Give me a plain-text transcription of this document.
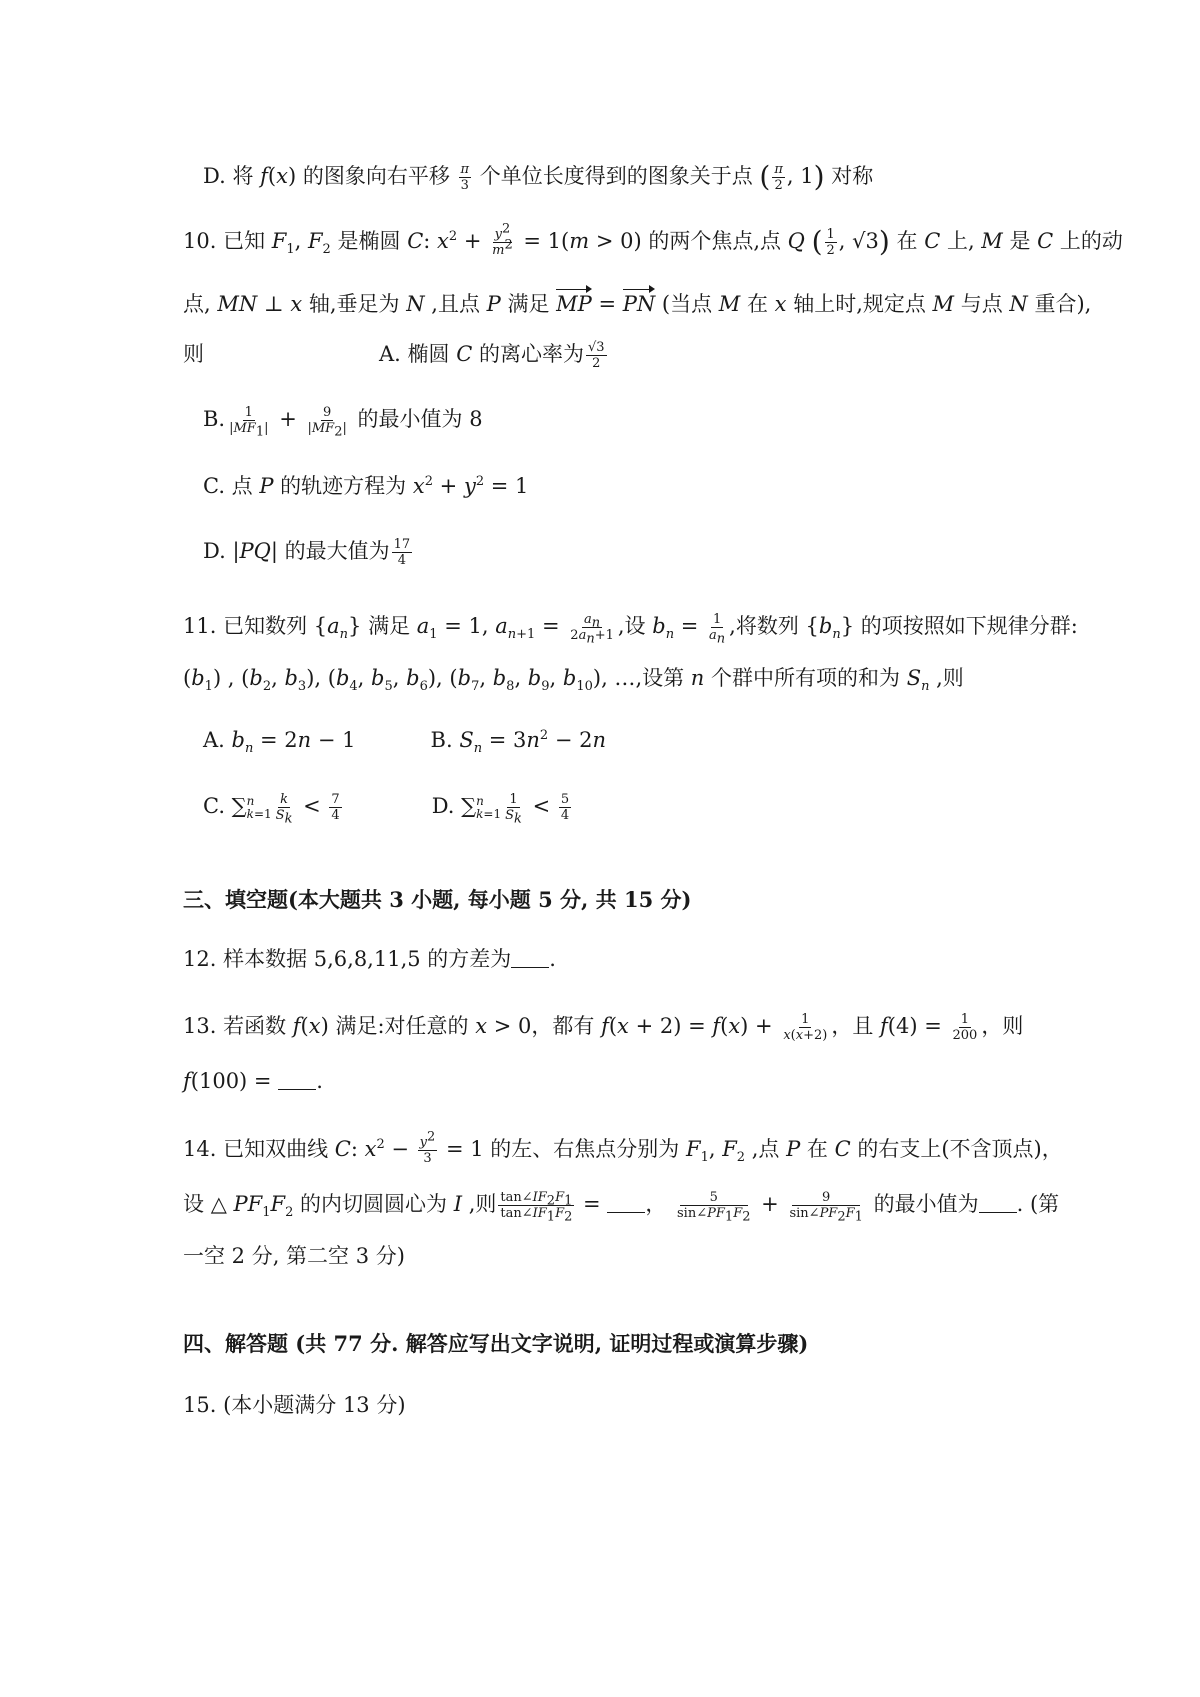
D. 将 f(x) 的图象向右平移 $\frac{\pi}{3}$ 个单位长度得到的图象关于点 ( $\frac{\pi}{2}$ , 1) 对称
10. 已知 $F_1$, $F_2$ 是椭圆 C: $x^2 + \frac{y^2}{m^2} = 1(m > 0)$ 的两个焦点,点 Q ( $\frac{1}{2}$ , √3) 在 C 上, M 是 C 上的动
点, MN ⊥ x 轴,垂足为 N ,且点 P 满足 MP = PN (当点 M 在 x 轴上时,规定点 M 与点 N 重合),
则	A. 椭圆 C 的离心率为 $\frac{√3}{2}$
B. $\frac{1}{|MF_1|} + \frac{9}{|MF_2|}$ 的最小值为 8
C. 点 P 的轨迹方程为 $x^2 + y^2 = 1$
D. |PQ| 的最大值为 $\frac{17}{4}$
11. 已知数列 $\{a_n\}$ 满足 $a_1 = 1$, $a_{n+1} = \frac{a_n}{2a_n+1}$ ,设 $b_n = \frac{1}{a_n}$ ,将数列 $\{b_n\}$ 的项按照如下规律分群:
$(b_1)$ , ($b_2$, $b_3$), ($b_4$, $b_5$, $b_6$), ($b_7$, $b_8$, $b_9$, $b_{10}$), …,设第 n 个群中所有项的和为 $S_n$ ,则
A. $b_n = 2n - 1$	B. $S_n = 3n^2 - 2n$
C. ∑ n
$k=1 \frac{k}{S_k} < \frac{7}{4}$	D. ∑ n
$k=1 \frac{1}{S_k} < \frac{5}{4}$
三、填空题(本大题共 3 小题, 每小题 5 分, 共 15 分)
12. 样本数据 5,6,8,11,5 的方差为 .
13. 若函数 f(x) 满足:对任意的 x > 0，都有 $f(x + 2) = f(x) + \frac{1}{x(x+2)}$ ，且 $f(4) = \frac{1}{200}$ ，则
f(100) = .
14. 已知双曲线 C: $x^2 - \frac{y^2}{3} = 1$ 的左、右焦点分别为 $F_1$, $F_2$ ,点 P 在 C 的右支上(不含顶点)，
设 △ $PF_1F_2$ 的内切圆圆心为 I ,则 $\frac{\tan\angle IF_2F_1}{\tan\angle IF_1F_2}$ = ， $\frac{5}{\sin\angle PF_1F_2} + \frac{9}{\sin\angle PF_2F_1}$ 的最小值为 . (第
一空 2 分, 第二空 3 分)
四、解答题 (共 77 分. 解答应写出文字说明, 证明过程或演算步骤)
15. (本小题满分 13 分)
